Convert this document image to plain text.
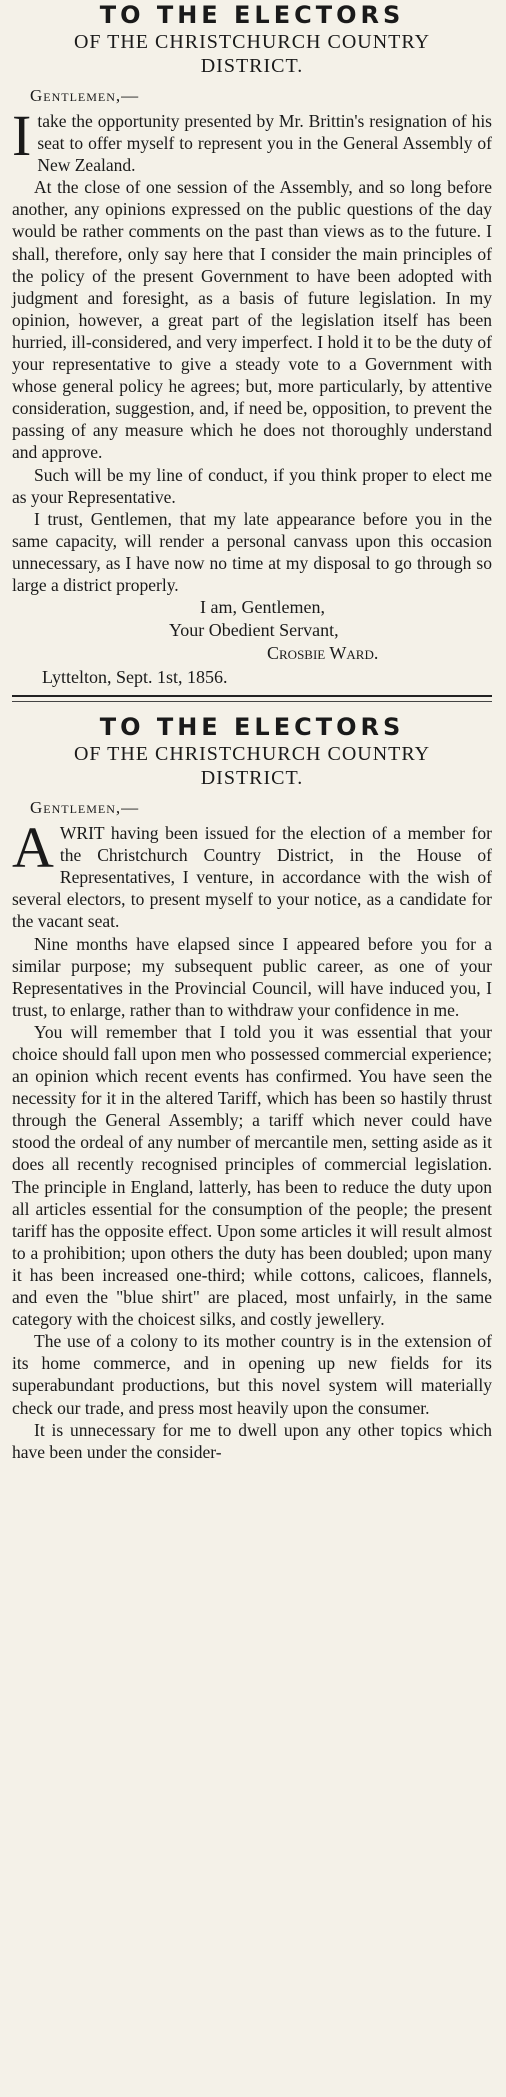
TO THE ELECTORS
OF THE CHRISTCHURCH COUNTRY
DISTRICT.
Gentlemen,—

Itake the opportunity presented by Mr. Brittin's resignation of his seat to offer myself to represent you in the General Assembly of New Zealand.

At the close of one session of the Assembly, and so long before another, any opinions expressed on the public questions of the day would be rather comments on the past than views as to the future. I shall, therefore, only say here that I consider the main principles of the policy of the present Government to have been adopted with judgment and foresight, as a basis of future legislation. In my opinion, however, a great part of the legislation itself has been hurried, ill-considered, and very imperfect. I hold it to be the duty of your representative to give a steady vote to a Government with whose general policy he agrees; but, more particularly, by attentive consideration, suggestion, and, if need be, opposition, to prevent the passing of any measure which he does not thoroughly understand and approve.

Such will be my line of conduct, if you think proper to elect me as your Representative.

I trust, Gentlemen, that my late appearance before you in the same capacity, will render a personal canvass upon this occasion unnecessary, as I have now no time at my disposal to go through so large a district properly.

I am, Gentlemen,
Your Obedient Servant,
Crosbie Ward.
Lyttelton, Sept. 1st, 1856.
TO THE ELECTORS
OF THE CHRISTCHURCH COUNTRY
DISTRICT.
Gentlemen,—

AWRIT having been issued for the election of a member for the Christchurch Country District, in the House of Representatives, I venture, in accordance with the wish of several electors, to present myself to your notice, as a candidate for the vacant seat.

Nine months have elapsed since I appeared before you for a similar purpose; my subsequent public career, as one of your Representatives in the Provincial Council, will have induced you, I trust, to enlarge, rather than to withdraw your confidence in me.

You will remember that I told you it was essential that your choice should fall upon men who possessed commercial experience; an opinion which recent events has confirmed. You have seen the necessity for it in the altered Tariff, which has been so hastily thrust through the General Assembly; a tariff which never could have stood the ordeal of any number of mercantile men, setting aside as it does all recently recognised principles of commercial legislation. The principle in England, latterly, has been to reduce the duty upon all articles essential for the consumption of the people; the present tariff has the opposite effect. Upon some articles it will result almost to a prohibition; upon others the duty has been doubled; upon many it has been increased one-third; while cottons, calicoes, flannels, and even the "blue shirt" are placed, most unfairly, in the same category with the choicest silks, and costly jewellery.

The use of a colony to its mother country is in the extension of its home commerce, and in opening up new fields for its superabundant productions, but this novel system will materially check our trade, and press most heavily upon the consumer.

It is unnecessary for me to dwell upon any other topics which have been under the consider-
